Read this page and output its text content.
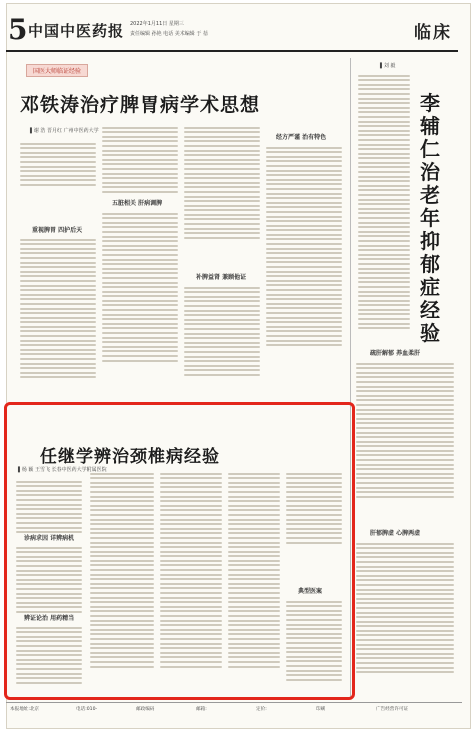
5 中国中医药报 2022年1月11日 星期三
责任编辑 孙艳 电话 美术编辑 于 蓓	临床
国医大师临证经验
邓铁涛治疗脾胃病学术思想
▌谢 浩 晋月红 广州中医药大学
重视脾胃 四护后天
五脏相关 肝病调脾
补脾益肾 兼顾他证
经方严谨 治有特色
▌刘 毅
李辅仁治老年抑郁症经验
疏肝解郁 养血柔肝
肝郁脾虚 心脾两虚
任继学辨治颈椎病经验
▌杨 颖 王雪飞 长春中医药大学附属医院
诊病求因 详辨病机
辨证论治 用药精当
典型医案
本报地址:北京	电话:010-	邮政编码	邮箱:	定价:	印刷	广告经营许可证
